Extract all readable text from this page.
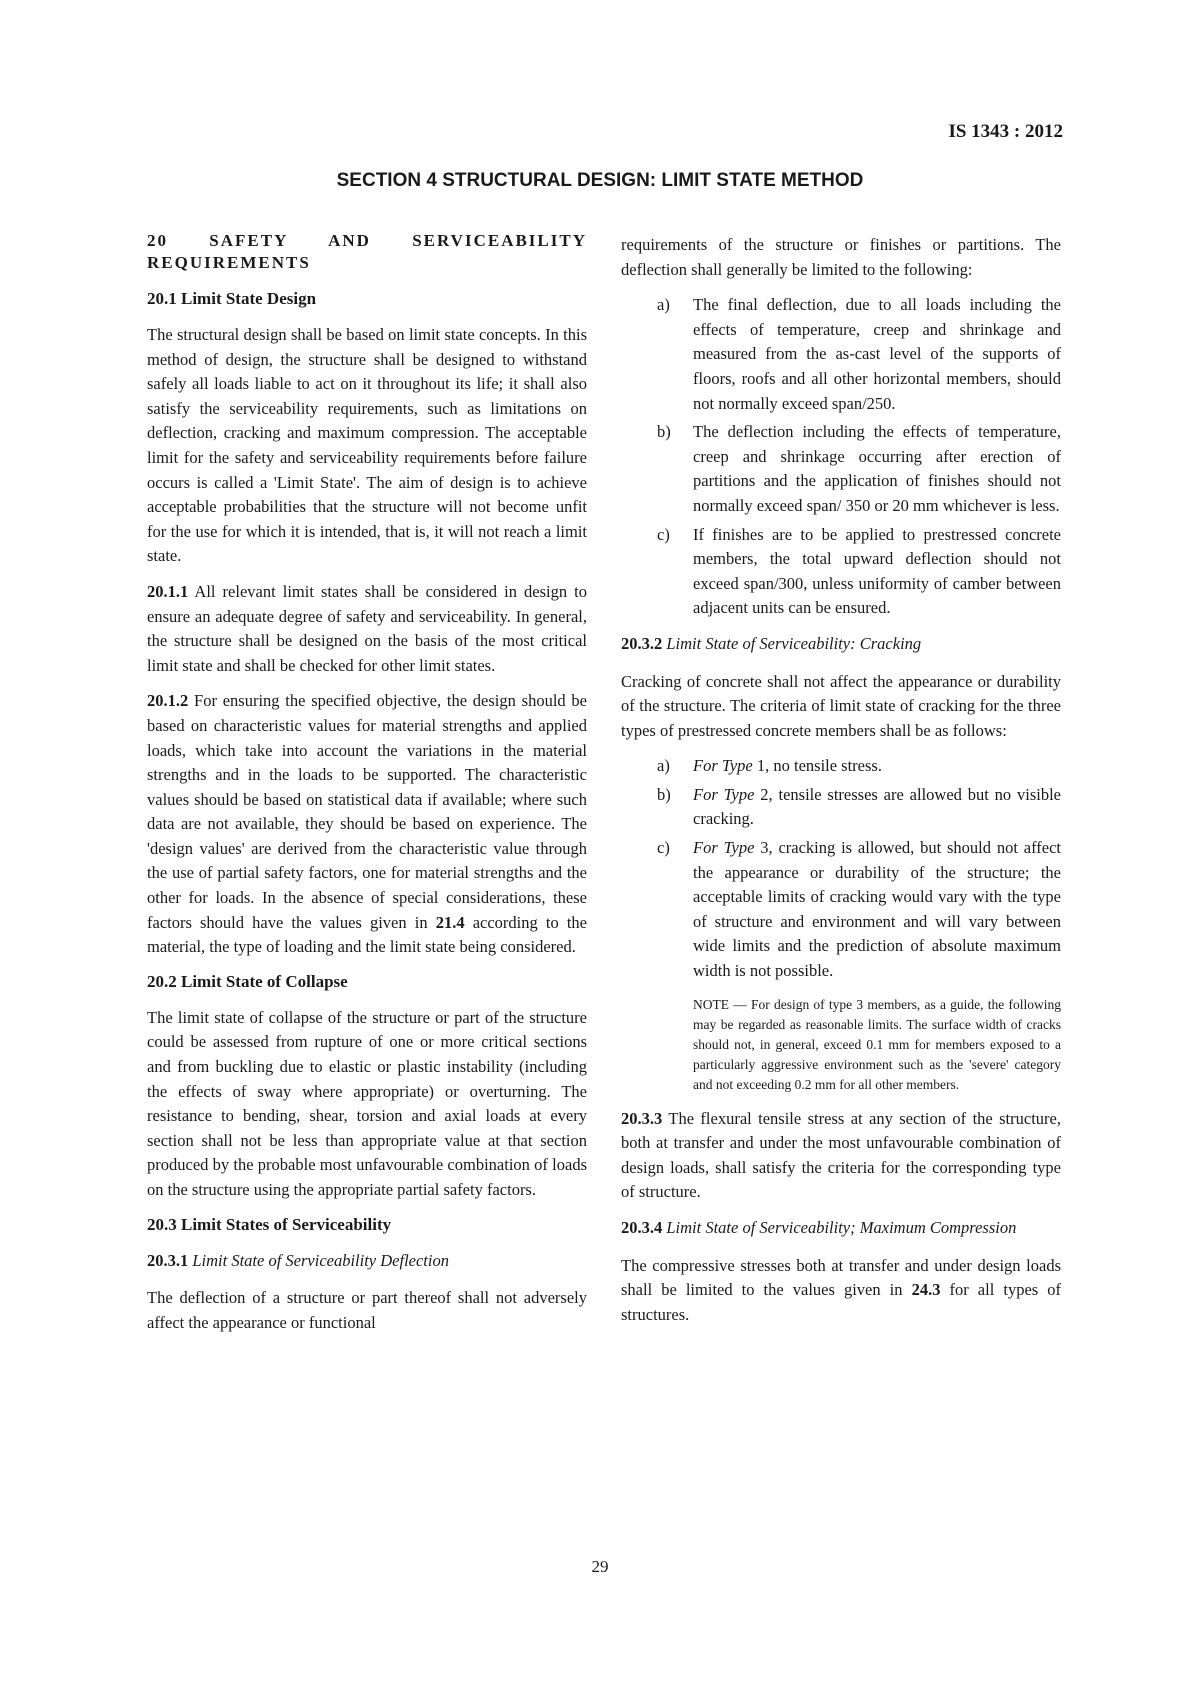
IS 1343 : 2012
SECTION 4 STRUCTURAL DESIGN: LIMIT STATE METHOD
20 SAFETY AND SERVICEABILITY REQUIREMENTS
20.1 Limit State Design

The structural design shall be based on limit state concepts. In this method of design, the structure shall be designed to withstand safely all loads liable to act on it throughout its life; it shall also satisfy the serviceability requirements, such as limitations on deflection, cracking and maximum compression. The acceptable limit for the safety and serviceability requirements before failure occurs is called a 'Limit State'. The aim of design is to achieve acceptable probabilities that the structure will not become unfit for the use for which it is intended, that is, it will not reach a limit state.

20.1.1 All relevant limit states shall be considered in design to ensure an adequate degree of safety and serviceability. In general, the structure shall be designed on the basis of the most critical limit state and shall be checked for other limit states.

20.1.2 For ensuring the specified objective, the design should be based on characteristic values for material strengths and applied loads, which take into account the variations in the material strengths and in the loads to be supported. The characteristic values should be based on statistical data if available; where such data are not available, they should be based on experience. The 'design values' are derived from the characteristic value through the use of partial safety factors, one for material strengths and the other for loads. In the absence of special considerations, these factors should have the values given in 21.4 according to the material, the type of loading and the limit state being considered.

20.2 Limit State of Collapse

The limit state of collapse of the structure or part of the structure could be assessed from rupture of one or more critical sections and from buckling due to elastic or plastic instability (including the effects of sway where appropriate) or overturning. The resistance to bending, shear, torsion and axial loads at every section shall not be less than appropriate value at that section produced by the probable most unfavourable combination of loads on the structure using the appropriate partial safety factors.

20.3 Limit States of Serviceability
20.3.1 Limit State of Serviceability Deflection

The deflection of a structure or part thereof shall not adversely affect the appearance or functional

requirements of the structure or finishes or partitions. The deflection shall generally be limited to the following:

a) The final deflection, due to all loads including the effects of temperature, creep and shrinkage and measured from the as-cast level of the supports of floors, roofs and all other horizontal members, should not normally exceed span/250.
b) The deflection including the effects of temperature, creep and shrinkage occurring after erection of partitions and the application of finishes should not normally exceed span/ 350 or 20 mm whichever is less.
c) If finishes are to be applied to prestressed concrete members, the total upward deflection should not exceed span/300, unless uniformity of camber between adjacent units can be ensured.
20.3.2 Limit State of Serviceability: Cracking

Cracking of concrete shall not affect the appearance or durability of the structure. The criteria of limit state of cracking for the three types of prestressed concrete members shall be as follows:

a) For Type 1, no tensile stress.
b) For Type 2, tensile stresses are allowed but no visible cracking.
c) For Type 3, cracking is allowed, but should not affect the appearance or durability of the structure; the acceptable limits of cracking would vary with the type of structure and environment and will vary between wide limits and the prediction of absolute maximum width is not possible.
NOTE — For design of type 3 members, as a guide, the following may be regarded as reasonable limits. The surface width of cracks should not, in general, exceed 0.1 mm for members exposed to a particularly aggressive environment such as the 'severe' category and not exceeding 0.2 mm for all other members.

20.3.3 The flexural tensile stress at any section of the structure, both at transfer and under the most unfavourable combination of design loads, shall satisfy the criteria for the corresponding type of structure.

20.3.4 Limit State of Serviceability; Maximum Compression

The compressive stresses both at transfer and under design loads shall be limited to the values given in 24.3 for all types of structures.

29
